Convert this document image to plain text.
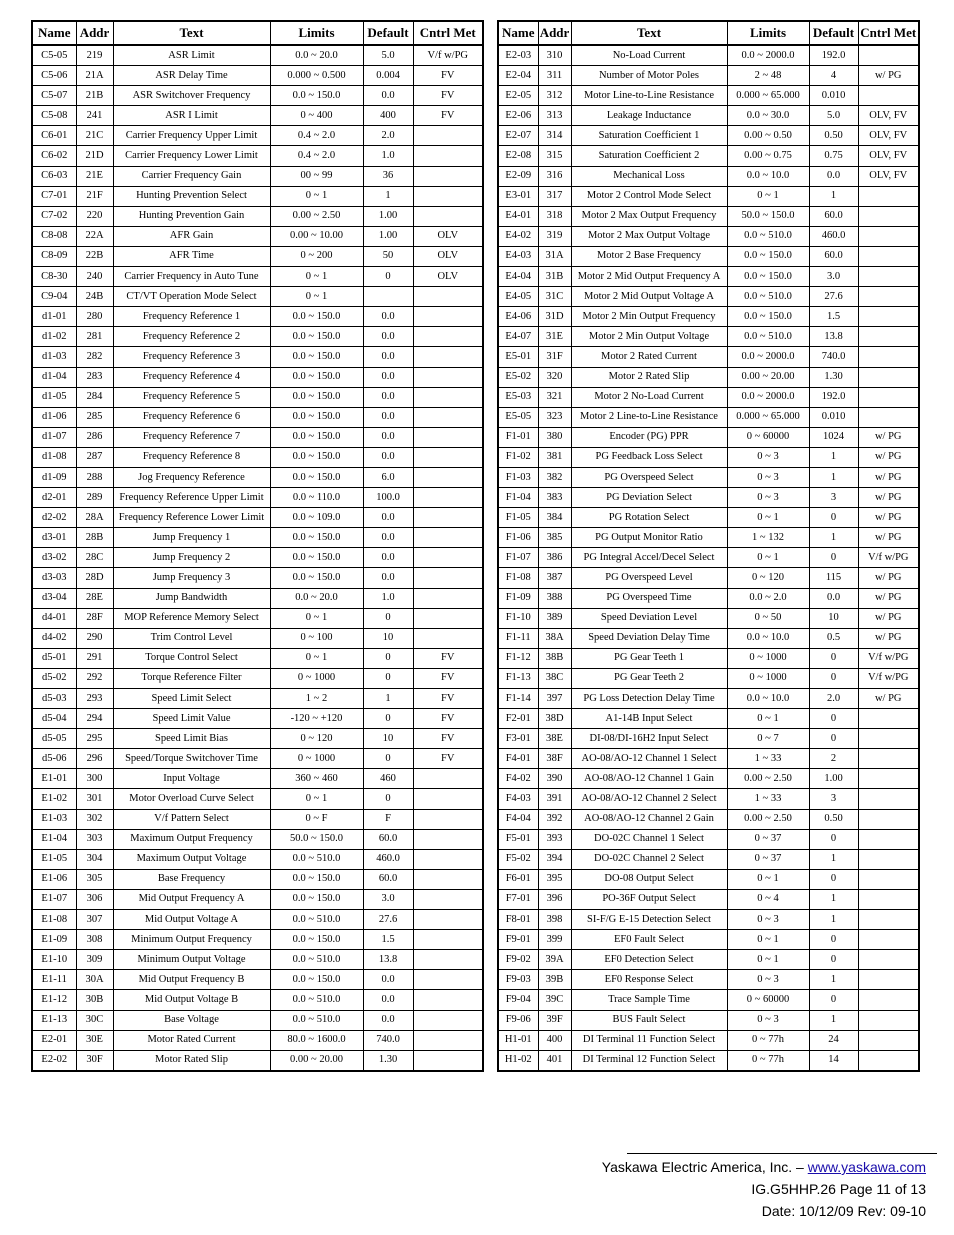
Name	Addr	Text	Limits	Default	Cntrl Met
C5-05	219	ASR Limit	0.0 ~ 20.0	5.0	V/f w/PG
C5-06	21A	ASR Delay Time	0.000 ~ 0.500	0.004	FV
C5-07	21B	ASR Switchover Frequency	0.0 ~ 150.0	0.0	FV
C5-08	241	ASR I Limit	0 ~ 400	400	FV
C6-01	21C	Carrier Frequency Upper Limit	0.4 ~ 2.0	2.0	
C6-02	21D	Carrier Frequency Lower Limit	0.4 ~ 2.0	1.0	
C6-03	21E	Carrier Frequency Gain	00 ~ 99	36	
C7-01	21F	Hunting Prevention Select	0 ~ 1	1	
C7-02	220	Hunting Prevention Gain	0.00 ~ 2.50	1.00	
C8-08	22A	AFR Gain	0.00 ~ 10.00	1.00	OLV
C8-09	22B	AFR Time	0 ~ 200	50	OLV
C8-30	240	Carrier Frequency in Auto Tune	0 ~ 1	0	OLV
C9-04	24B	CT/VT Operation Mode Select	0 ~ 1		
d1-01	280	Frequency Reference 1	0.0 ~ 150.0	0.0	
d1-02	281	Frequency Reference 2	0.0 ~ 150.0	0.0	
d1-03	282	Frequency Reference 3	0.0 ~ 150.0	0.0	
d1-04	283	Frequency Reference 4	0.0 ~ 150.0	0.0	
d1-05	284	Frequency Reference 5	0.0 ~ 150.0	0.0	
d1-06	285	Frequency Reference 6	0.0 ~ 150.0	0.0	
d1-07	286	Frequency Reference 7	0.0 ~ 150.0	0.0	
d1-08	287	Frequency Reference 8	0.0 ~ 150.0	0.0	
d1-09	288	Jog Frequency Reference	0.0 ~ 150.0	6.0	
d2-01	289	Frequency Reference Upper Limit	0.0 ~ 110.0	100.0	
d2-02	28A	Frequency Reference Lower Limit	0.0 ~ 109.0	0.0	
d3-01	28B	Jump Frequency 1	0.0 ~ 150.0	0.0	
d3-02	28C	Jump Frequency 2	0.0 ~ 150.0	0.0	
d3-03	28D	Jump Frequency 3	0.0 ~ 150.0	0.0	
d3-04	28E	Jump Bandwidth	0.0 ~ 20.0	1.0	
d4-01	28F	MOP Reference Memory Select	0 ~ 1	0	
d4-02	290	Trim Control Level	0 ~ 100	10	
d5-01	291	Torque Control Select	0 ~ 1	0	FV
d5-02	292	Torque Reference Filter	0 ~ 1000	0	FV
d5-03	293	Speed Limit Select	1 ~ 2	1	FV
d5-04	294	Speed Limit Value	-120 ~ +120	0	FV
d5-05	295	Speed Limit Bias	0 ~ 120	10	FV
d5-06	296	Speed/Torque Switchover Time	0 ~ 1000	0	FV
E1-01	300	Input Voltage	360 ~ 460	460	
E1-02	301	Motor Overload Curve Select	0 ~ 1	0	
E1-03	302	V/f Pattern Select	0 ~ F	F	
E1-04	303	Maximum Output Frequency	50.0 ~ 150.0	60.0	
E1-05	304	Maximum Output Voltage	0.0 ~ 510.0	460.0	
E1-06	305	Base Frequency	0.0 ~ 150.0	60.0	
E1-07	306	Mid Output Frequency A	0.0 ~ 150.0	3.0	
E1-08	307	Mid Output Voltage A	0.0 ~ 510.0	27.6	
E1-09	308	Minimum Output Frequency	0.0 ~ 150.0	1.5	
E1-10	309	Minimum Output Voltage	0.0 ~ 510.0	13.8	
E1-11	30A	Mid Output Frequency B	0.0 ~ 150.0	0.0	
E1-12	30B	Mid Output Voltage B	0.0 ~ 510.0	0.0	
E1-13	30C	Base Voltage	0.0 ~ 510.0	0.0	
E2-01	30E	Motor Rated Current	80.0 ~ 1600.0	740.0	
E2-02	30F	Motor Rated Slip	0.00 ~ 20.00	1.30	
Name	Addr	Text	Limits	Default	Cntrl Met
E2-03	310	No-Load Current	0.0 ~ 2000.0	192.0	
E2-04	311	Number of Motor Poles	2 ~ 48	4	w/ PG
E2-05	312	Motor Line-to-Line Resistance	0.000 ~ 65.000	0.010	
E2-06	313	Leakage Inductance	0.0 ~ 30.0	5.0	OLV, FV
E2-07	314	Saturation Coefficient 1	0.00 ~ 0.50	0.50	OLV, FV
E2-08	315	Saturation Coefficient 2	0.00 ~ 0.75	0.75	OLV, FV
E2-09	316	Mechanical Loss	0.0 ~ 10.0	0.0	OLV, FV
E3-01	317	Motor 2 Control Mode Select	0 ~ 1	1	
E4-01	318	Motor 2 Max Output Frequency	50.0 ~ 150.0	60.0	
E4-02	319	Motor 2 Max Output Voltage	0.0 ~ 510.0	460.0	
E4-03	31A	Motor 2 Base Frequency	0.0 ~ 150.0	60.0	
E4-04	31B	Motor 2 Mid Output Frequency A	0.0 ~ 150.0	3.0	
E4-05	31C	Motor 2 Mid Output Voltage A	0.0 ~ 510.0	27.6	
E4-06	31D	Motor 2 Min Output Frequency	0.0 ~ 150.0	1.5	
E4-07	31E	Motor 2 Min Output Voltage	0.0 ~ 510.0	13.8	
E5-01	31F	Motor 2 Rated Current	0.0 ~ 2000.0	740.0	
E5-02	320	Motor 2 Rated Slip	0.00 ~ 20.00	1.30	
E5-03	321	Motor 2 No-Load Current	0.0 ~ 2000.0	192.0	
E5-05	323	Motor 2 Line-to-Line Resistance	0.000 ~ 65.000	0.010	
F1-01	380	Encoder (PG) PPR	0 ~ 60000	1024	w/ PG
F1-02	381	PG Feedback Loss Select	0 ~ 3	1	w/ PG
F1-03	382	PG Overspeed Select	0 ~ 3	1	w/ PG
F1-04	383	PG Deviation Select	0 ~ 3	3	w/ PG
F1-05	384	PG Rotation Select	0 ~ 1	0	w/ PG
F1-06	385	PG Output Monitor Ratio	1 ~ 132	1	w/ PG
F1-07	386	PG Integral Accel/Decel Select	0 ~ 1	0	V/f w/PG
F1-08	387	PG Overspeed Level	0 ~ 120	115	w/ PG
F1-09	388	PG Overspeed Time	0.0 ~ 2.0	0.0	w/ PG
F1-10	389	Speed Deviation Level	0 ~ 50	10	w/ PG
F1-11	38A	Speed Deviation Delay Time	0.0 ~ 10.0	0.5	w/ PG
F1-12	38B	PG Gear Teeth 1	0 ~ 1000	0	V/f w/PG
F1-13	38C	PG Gear Teeth 2	0 ~ 1000	0	V/f w/PG
F1-14	397	PG Loss Detection Delay Time	0.0 ~ 10.0	2.0	w/ PG
F2-01	38D	A1-14B Input Select	0 ~ 1	0	
F3-01	38E	DI-08/DI-16H2 Input Select	0 ~ 7	0	
F4-01	38F	AO-08/AO-12 Channel 1 Select	1 ~ 33	2	
F4-02	390	AO-08/AO-12 Channel 1 Gain	0.00 ~ 2.50	1.00	
F4-03	391	AO-08/AO-12 Channel 2 Select	1 ~ 33	3	
F4-04	392	AO-08/AO-12 Channel 2 Gain	0.00 ~ 2.50	0.50	
F5-01	393	DO-02C Channel 1 Select	0 ~ 37	0	
F5-02	394	DO-02C Channel 2 Select	0 ~ 37	1	
F6-01	395	DO-08 Output Select	0 ~ 1	0	
F7-01	396	PO-36F Output Select	0 ~ 4	1	
F8-01	398	SI-F/G E-15 Detection Select	0 ~ 3	1	
F9-01	399	EF0 Fault Select	0 ~ 1	0	
F9-02	39A	EF0 Detection Select	0 ~ 1	0	
F9-03	39B	EF0 Response Select	0 ~ 3	1	
F9-04	39C	Trace Sample Time	0 ~ 60000	0	
F9-06	39F	BUS Fault Select	0 ~ 3	1	
H1-01	400	DI Terminal 11 Function Select	0 ~ 77h	24	
H1-02	401	DI Terminal 12 Function Select	0 ~ 77h	14	
Yaskawa Electric America, Inc. – www.yaskawa.com
IG.G5HHP.26 Page 11 of 13
Date: 10/12/09 Rev: 09-10
